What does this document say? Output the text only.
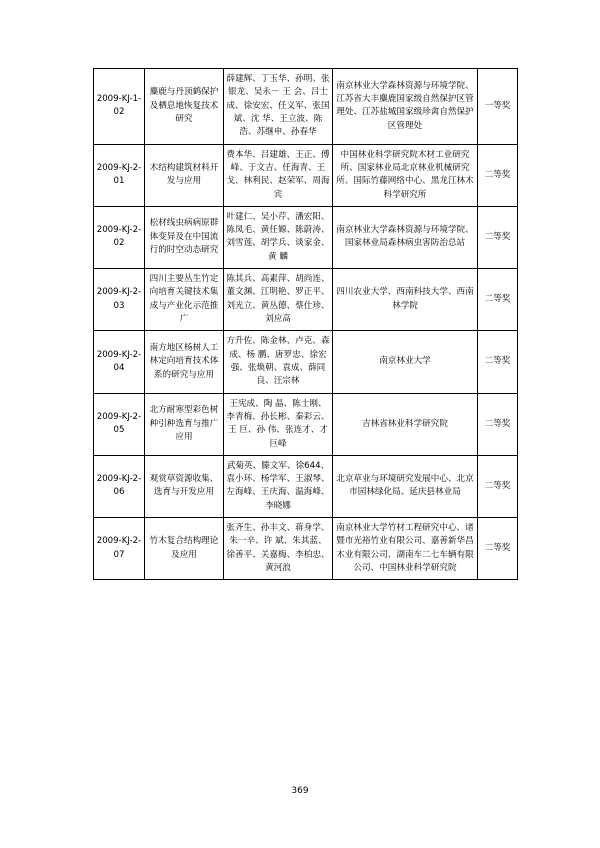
2009-KJ-1-02	麋鹿与丹顶鹤保护及栖息地恢复技术研究	薛建辉、丁玉华、孙明、张银龙、吴永－ 王 会、吕士成、徐安宏、任义军、张国斌、沈 华、王立波、陈浩、苏继申、孙春华	南京林业大学森林资源与环境学院、江苏省大丰麋鹿国家级自然保护区管理处、江苏盐城国家级珍禽自然保护区管理处	一等奖
2009-KJ-2-01	木结构建筑材料开发与应用	费本华、吕建雄、王正、傅 峰、于文吉、任海青、王 戈、林利民、赵荣军、周海宾	中国林业科学研究院木材工业研究所、国家林业局北京林业机械研究所、国际竹藤网络中心、黑龙江林木科学研究所	二等奖
2009-KJ-2-02	松材线虫病病原群体变异及在中国流行的时空动态研究	叶建仁、吴小芹、潘宏阳、陈凤毛、黄任嫄、陈蔚涛、刘雪莲、胡学兵、谈家金、黄 麟	南京林业大学森林资源与环境学院、国家林业局森林病虫害防治总站	二等奖
2009-KJ-2-03	四川主要丛生竹定向培育关键技术集成与产业化示范推广	陈其兵、高素萍、胡尚连、董文渊、江明艳、罗正平、刘光立、黄丛德、蔡仕珍、刘应高	四川农业大学、西南科技大学、西南林学院	二等奖
2009-KJ-2-04	南方地区杨树人工林定向培育技术体系的研究与应用	方升佐、陈金林、卢克、森成、杨 鹏、唐罗忠、徐宏强、张焕朝、袁成、薛同良、汪宗林	南京林业大学	二等奖
2009-KJ-2-05	北方耐寒型彩色树种引种选育与推广应用	王宪成、陶 晶、陈士刚、李青梅、孙长彬、秦彩云、王 巨、孙 伟、张连才、才巨峰	吉林省林业科学研究院	二等奖
2009-KJ-2-06	观赏草资源收集、选育与开发应用	武菊英、滕文军、徐644、袁小环、杨学军、王淑琴、左海峰、王庆海、温海峰、李晓娜	北京草业与环境研究发展中心、北京市园林绿化局、延庆县林业局	二等奖
2009-KJ-2-07	竹木复合结构理论及应用	张齐生、孙丰文、蒋身学、朱一辛、许 斌、朱其蓝、徐善平、关嘉梅、李柏忠、黄河浪	南京林业大学竹材工程研究中心、诸暨市光裕竹业有限公司、嘉善新华昌木业有限公司、湖南车二七车辆有限公司、中国林业科学研究院	二等奖
369
